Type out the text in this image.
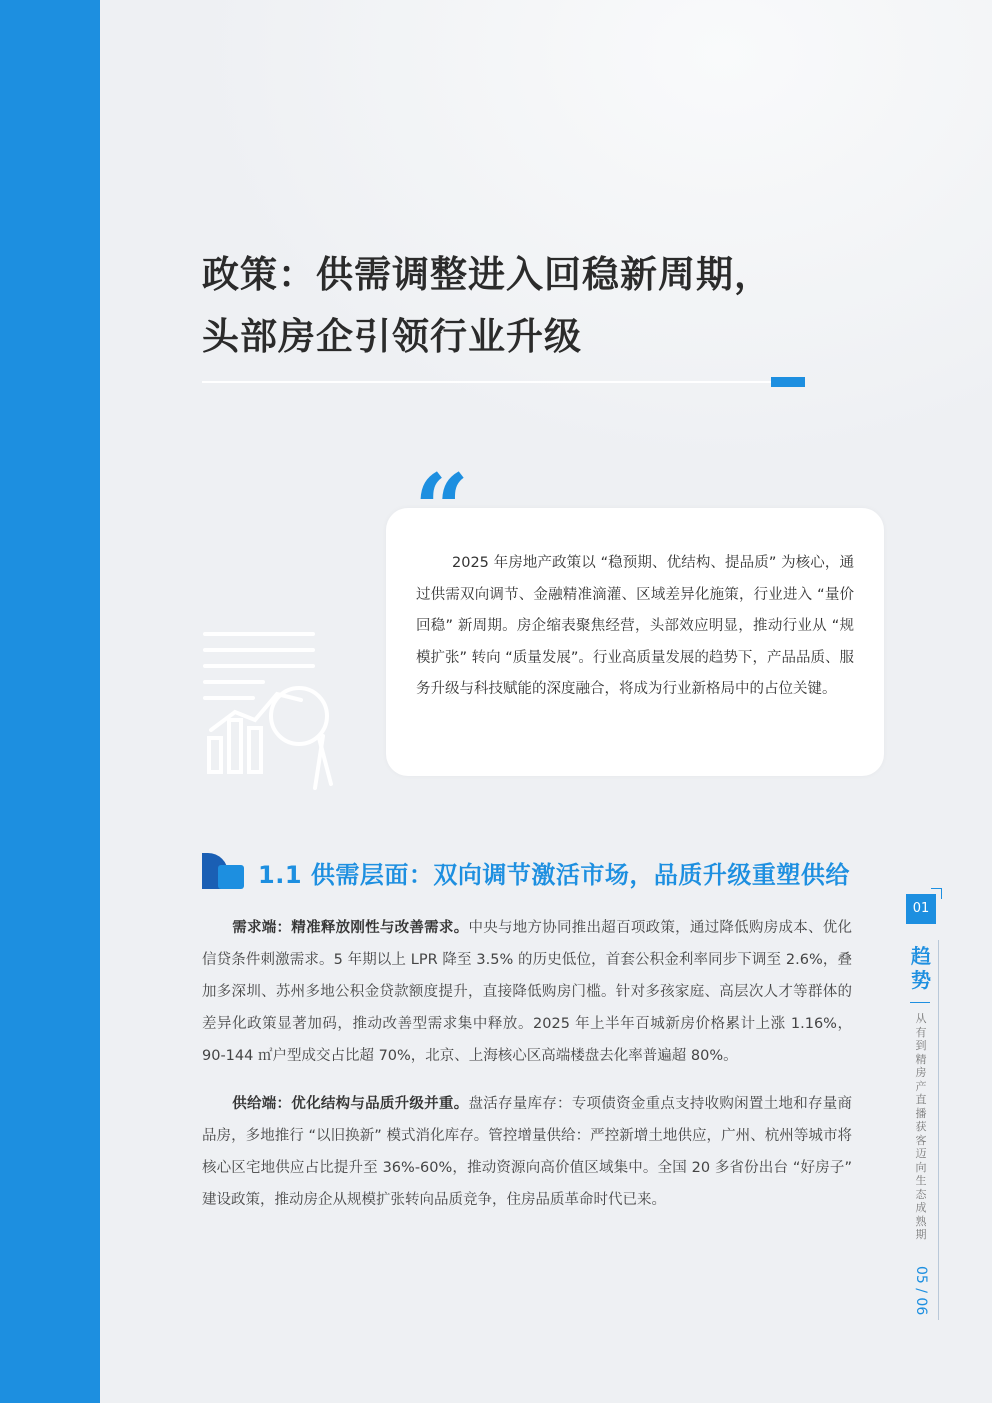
政策：供需调整进入回稳新周期，
头部房企引领行业升级
2025 年房地产政策以 “稳预期、优结构、提品质” 为核心，通过供需双向调节、金融精准滴灌、区域差异化施策，行业进入 “量价回稳” 新周期。房企缩表聚焦经营，头部效应明显，推动行业从 “规模扩张” 转向 “质量发展”。行业高质量发展的趋势下，产品品质、服务升级与科技赋能的深度融合，将成为行业新格局中的占位关键。
1.1 供需层面：双向调节激活市场，品质升级重塑供给
需求端：精准释放刚性与改善需求。中央与地方协同推出超百项政策，通过降低购房成本、优化信贷条件刺激需求。5 年期以上 LPR 降至 3.5% 的历史低位，首套公积金利率同步下调至 2.6%，叠加多深圳、苏州多地公积金贷款额度提升，直接降低购房门槛。针对多孩家庭、高层次人才等群体的差异化政策显著加码，推动改善型需求集中释放。2025 年上半年百城新房价格累计上涨 1.16%，90-144 ㎡户型成交占比超 70%，北京、上海核心区高端楼盘去化率普遍超 80%。
供给端：优化结构与品质升级并重。盘活存量库存：专项债资金重点支持收购闲置土地和存量商品房，多地推行 “以旧换新” 模式消化库存。管控增量供给：严控新增土地供应，广州、杭州等城市将核心区宅地供应占比提升至 36%-60%，推动资源向高价值区域集中。全国 20 多省份出台 “好房子” 建设政策，推动房企从规模扩张转向品质竞争，住房品质革命时代已来。
01
趋势
从有到精 房产直播获客迈向生态成熟期
05 / 06
